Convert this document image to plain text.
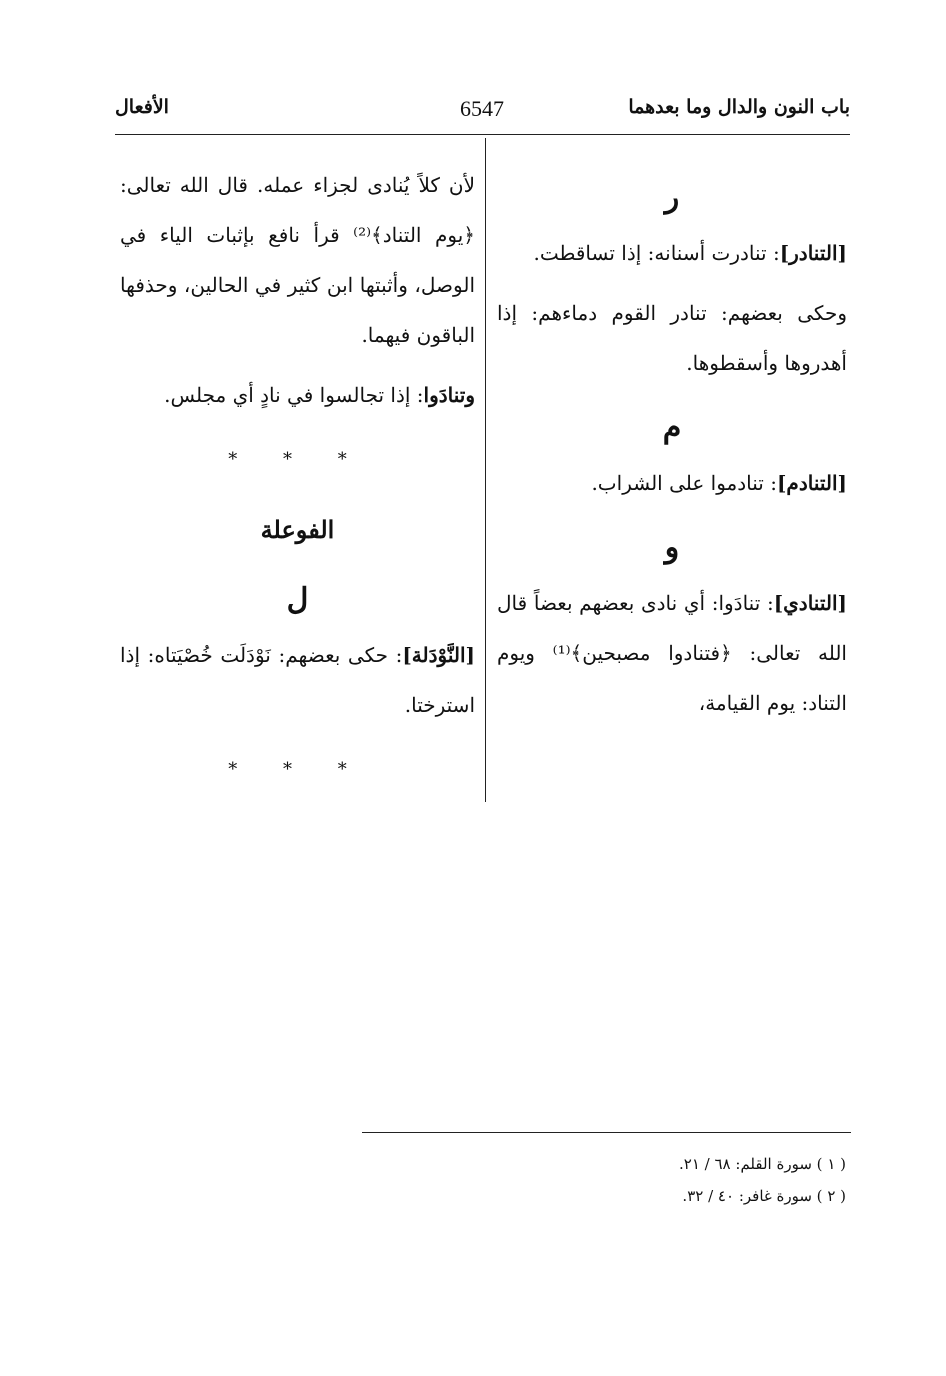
باب النون والدال وما بعدهما
6547
الأفعال
ر

[التنادر]: تنادرت أسنانه: إذا تساقطت.

وحكى بعضهم: تنادر القوم دماءهم: إذا أهدروها وأسقطوها.

م

[التنادم]: تنادموا على الشراب.

و

[التنادي]: تنادَوا: أي نادى بعضهم بعضاً قال الله تعالى: ﴿فتنادوا مصبحين﴾⁽¹⁾ ويوم التناد: يوم القيامة،

لأن كلاً يُنادى لجزاء عمله. قال الله تعالى: ﴿يوم التناد﴾⁽²⁾ قرأ نافع بإثبات الياء في الوصل، وأثبتها ابن كثير في الحالين، وحذفها الباقون فيهما.

وتنادَوا: إذا تجالسوا في نادٍ أي مجلس.

* * *
الفوعلة
ل

[النَّوْدَلة]: حكى بعضهم: نَوْدَلَت خُصْيَتاه: إذا استرختا.

* * *
( ١ ) سورة القلم: ٦٨ / ٢١.
( ٢ ) سورة غافر: ٤٠ / ٣٢.
